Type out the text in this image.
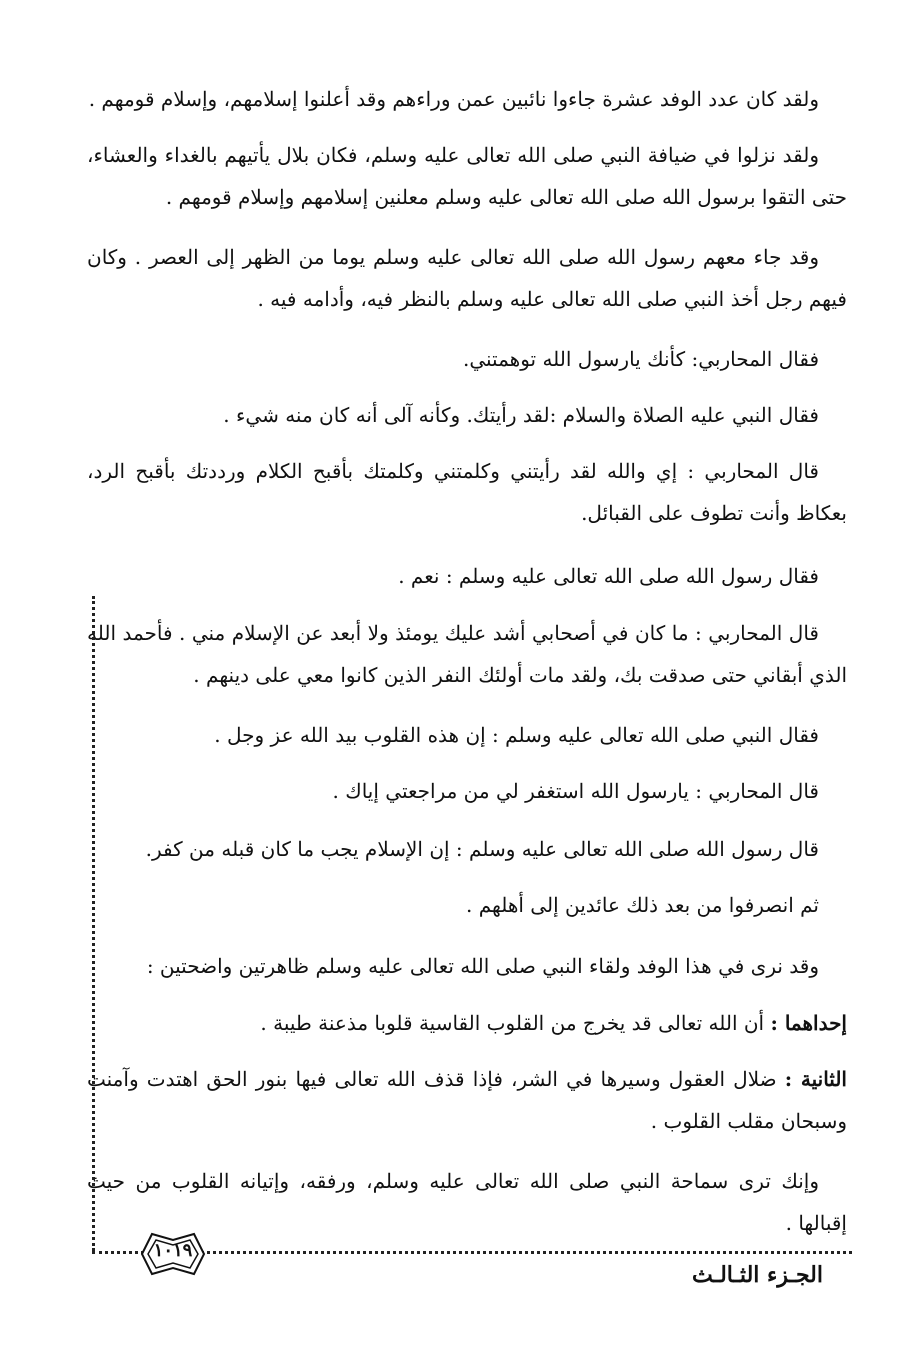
ولقد كان عدد الوفد عشرة جاءوا نائبين عمن وراءهم وقد أعلنوا إسلامهم، وإسلام قومهم .

ولقد نزلوا في ضيافة النبي صلى الله تعالى عليه وسلم، فكان بلال يأتيهم بالغداء والعشاء، حتى التقوا برسول الله صلى الله تعالى عليه وسلم معلنين إسلامهم وإسلام قومهم .

وقد جاء معهم رسول الله صلى الله تعالى عليه وسلم يوما من الظهر إلى العصر . وكان فيهم رجل أخذ النبي صلى الله تعالى عليه وسلم بالنظر فيه، وأدامه فيه .

فقال المحاربي: كأنك يارسول الله توهمتني.

فقال النبي عليه الصلاة والسلام :لقد رأيتك. وكأنه آلى أنه كان منه شيء .

قال المحاربي : إي والله لقد رأيتني وكلمتني وكلمتك بأقبح الكلام ورددتك بأقبح الرد، بعكاظ وأنت تطوف على القبائل.

فقال رسول الله صلى الله تعالى عليه وسلم : نعم .

قال المحاربي : ما كان في أصحابي أشد عليك يومئذ ولا أبعد عن الإسلام مني . فأحمد الله الذي أبقاني حتى صدقت بك، ولقد مات أولئك النفر الذين كانوا معي على دينهم .

فقال النبي صلى الله تعالى عليه وسلم : إن هذه القلوب بيد الله عز وجل .

قال المحاربي : يارسول الله استغفر لي من مراجعتي إياك .

قال رسول الله صلى الله تعالى عليه وسلم : إن الإسلام يجب ما كان قبله من كفر.

ثم انصرفوا من بعد ذلك عائدين إلى أهلهم .

وقد نرى في هذا الوفد ولقاء النبي صلى الله تعالى عليه وسلم ظاهرتين واضحتين :

إحداهما : أن الله تعالى قد يخرج من القلوب القاسية قلوبا مذعنة طيبة .

الثانية : ضلال العقول وسيرها في الشر، فإذا قذف الله تعالى فيها بنور الحق اهتدت وآمنت وسبحان مقلب القلوب .

وإنك ترى سماحة النبي صلى الله تعالى عليه وسلم، ورفقه، وإتيانه القلوب من حيث إقبالها .

الجـزء الثـالـث
١٠١٩
